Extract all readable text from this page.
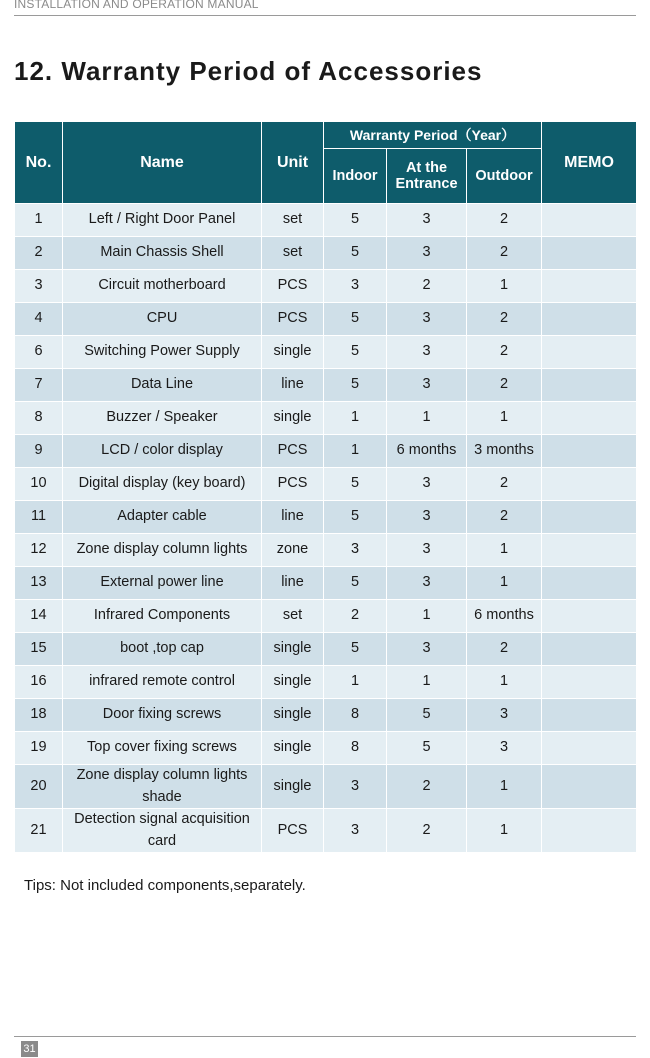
INSTALLATION AND OPERATION MANUAL
12. Warranty Period of Accessories
No.	Name	Unit	Warranty Period（Year）			MEMO
			Indoor	At the Entrance	Outdoor	
1	Left / Right Door Panel	set	5	3	2	
2	Main Chassis Shell	set	5	3	2	
3	Circuit motherboard	PCS	3	2	1	
4	CPU	PCS	5	3	2	
6	Switching Power Supply	single	5	3	2	
7	Data Line	line	5	3	2	
8	Buzzer / Speaker	single	1	1	1	
9	LCD / color display	PCS	1	6 months	3 months	
10	Digital display (key board)	PCS	5	3	2	
11	Adapter cable	line	5	3	2	
12	Zone display column lights	zone	3	3	1	
13	External power line	line	5	3	1	
14	Infrared Components	set	2	1	6 months	
15	boot ,top cap	single	5	3	2	
16	infrared remote control	single	1	1	1	
18	Door fixing screws	single	8	5	3	
19	Top cover fixing screws	single	8	5	3	
20	Zone display column lights shade	single	3	2	1	
21	Detection signal acquisition card	PCS	3	2	1	
Tips: Not included components,separately.
31
